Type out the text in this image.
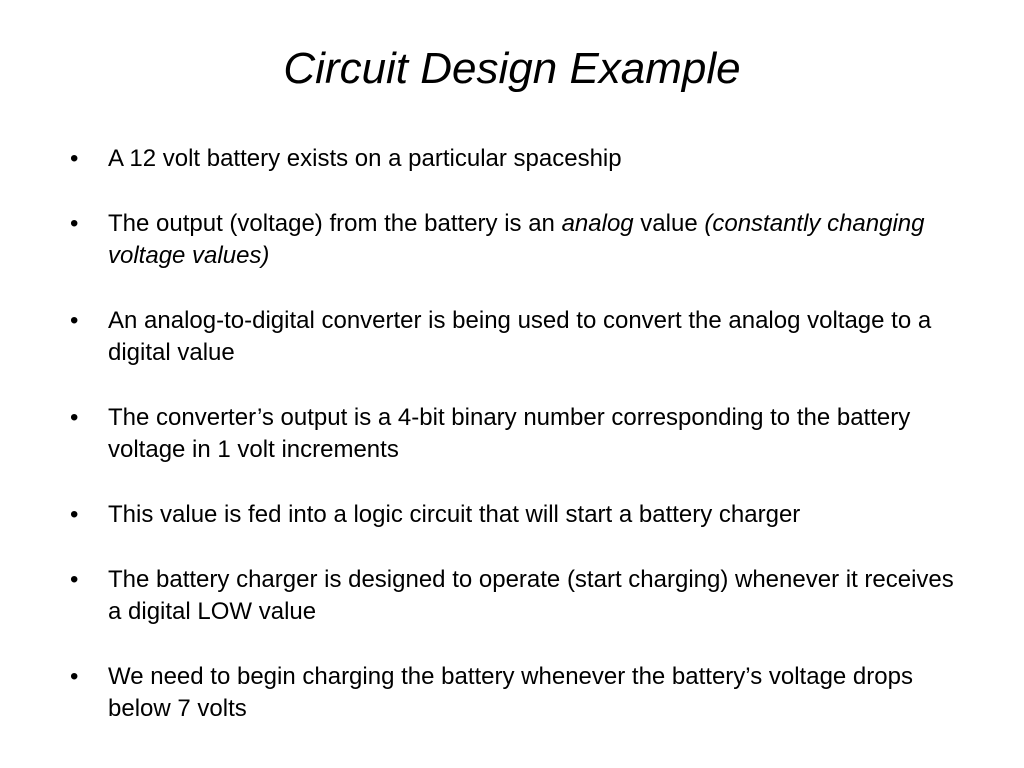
Circuit Design Example
•	A 12 volt battery exists on a particular spaceship
•	The output (voltage) from the battery is an analog value (constantly changing voltage values)
•	An analog-to-digital converter is being used to convert the analog voltage to a digital value
•	The converter’s output is a 4-bit binary number corresponding to the battery voltage in 1 volt increments
•	This value is fed into a logic circuit that will start a battery charger
•	The battery charger is designed to operate (start charging) whenever it receives a digital LOW value
•	We need to begin charging the battery whenever the battery’s voltage drops below 7 volts
